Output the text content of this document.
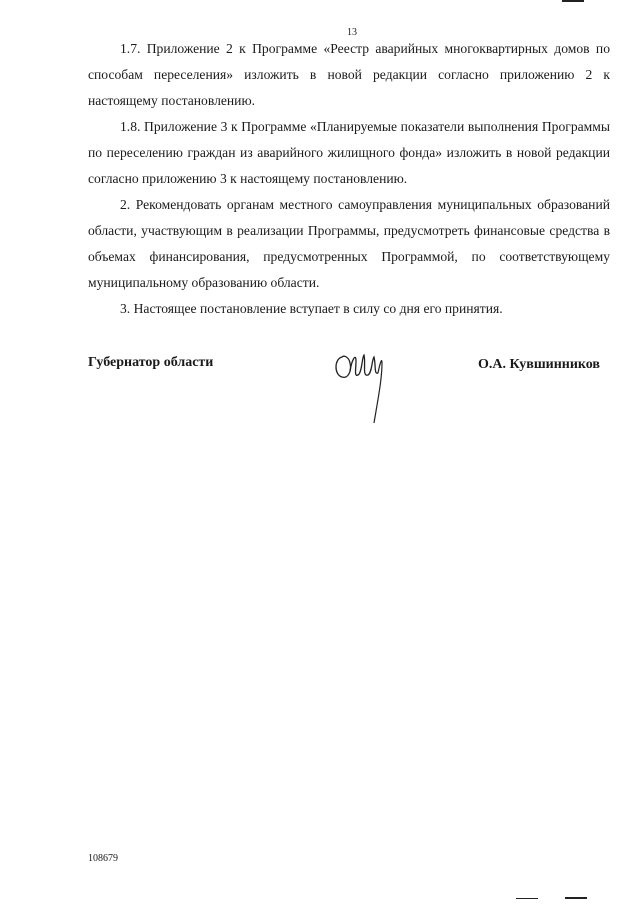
13

1.7. Приложение 2 к Программе «Реестр аварийных многоквартирных домов по способам переселения» изложить в новой редакции согласно приложению 2 к настоящему постановлению.

1.8. Приложение 3 к Программе «Планируемые показатели выполнения Программы по переселению граждан из аварийного жилищного фонда» изложить в новой редакции согласно приложению 3 к настоящему постановлению.

2. Рекомендовать органам местного самоуправления муниципальных образований области, участвующим в реализации Программы, предусмотреть финансовые средства в объемах финансирования, предусмотренных Программой, по соответствующему муниципальному образованию области.

3. Настоящее постановление вступает в силу со дня его принятия.

Губернатор области	О.А. Кувшинников
108679
